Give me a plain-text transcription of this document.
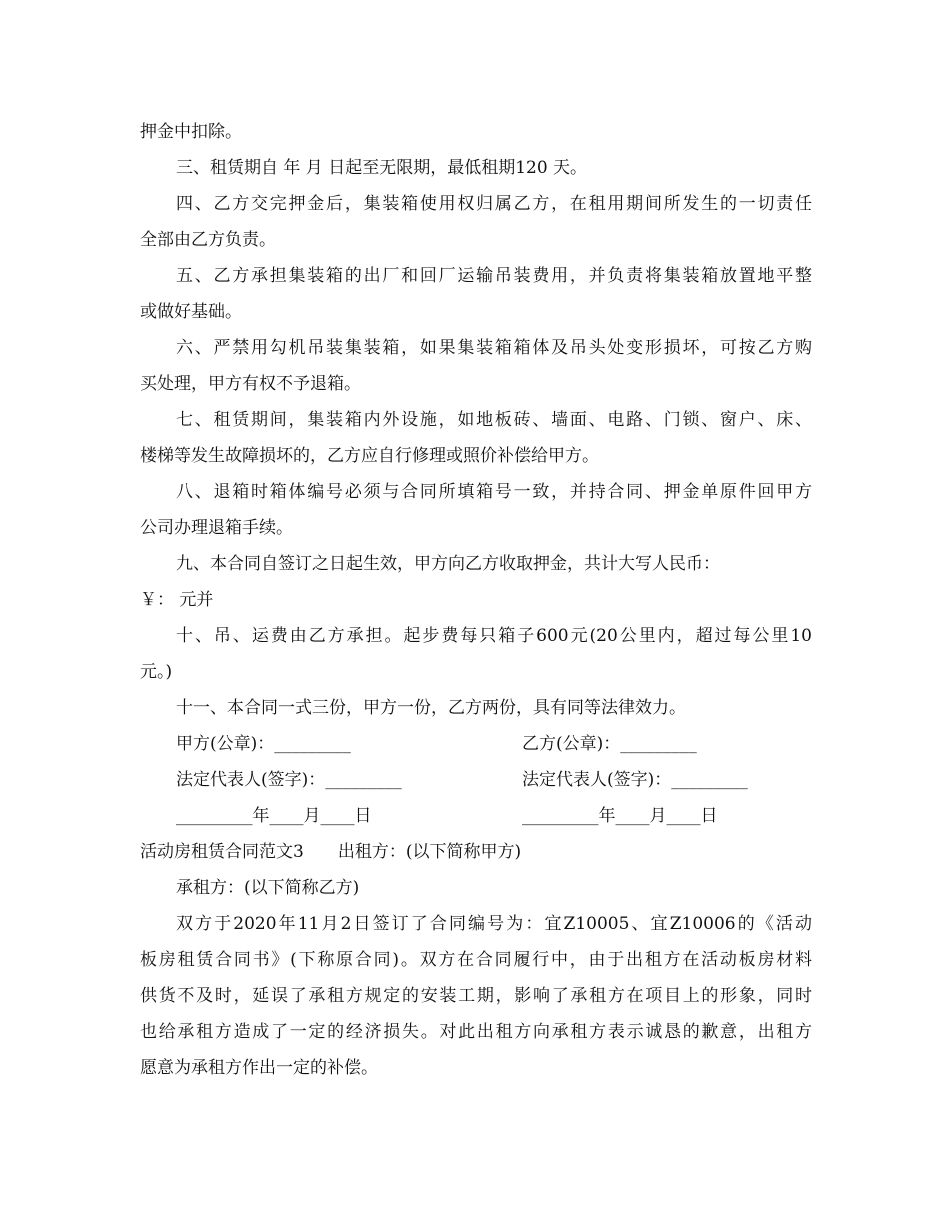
押金中扣除。
三、租赁期自 年 月 日起至无限期，最低租期120 天。
四、乙方交完押金后，集装箱使用权归属乙方，在租用期间所发生的一切责任
全部由乙方负责。
五、乙方承担集装箱的出厂和回厂运输吊装费用，并负责将集装箱放置地平整
或做好基础。
六、严禁用勾机吊装集装箱，如果集装箱箱体及吊头处变形损坏，可按乙方购
买处理，甲方有权不予退箱。
七、租赁期间，集装箱内外设施，如地板砖、墙面、电路、门锁、窗户、床、
楼梯等发生故障损坏的，乙方应自行修理或照价补偿给甲方。
八、退箱时箱体编号必须与合同所填箱号一致，并持合同、押金单原件回甲方
公司办理退箱手续。
九、本合同自签订之日起生效，甲方向乙方收取押金，共计大写人民币：
￥： 元并
十、吊、运费由乙方承担。起步费每只箱子600元(20公里内，超过每公里10
元。)
十一、本合同一式三份，甲方一份，乙方两份，具有同等法律效力。
甲方(公章)：_________	乙方(公章)：_________
法定代表人(签字)：_________	法定代表人(签字)：_________
_________年____月____日	_________年____月____日
活动房租赁合同范文3　　出租方：(以下简称甲方)
承租方：(以下简称乙方)
双方于2020年11月2日签订了合同编号为：宜Z10005、宜Z10006的《活动
板房租赁合同书》(下称原合同)。双方在合同履行中，由于出租方在活动板房材料
供货不及时，延误了承租方规定的安装工期，影响了承租方在项目上的形象，同时
也给承租方造成了一定的经济损失。对此出租方向承租方表示诚恳的歉意，出租方
愿意为承租方作出一定的补偿。
